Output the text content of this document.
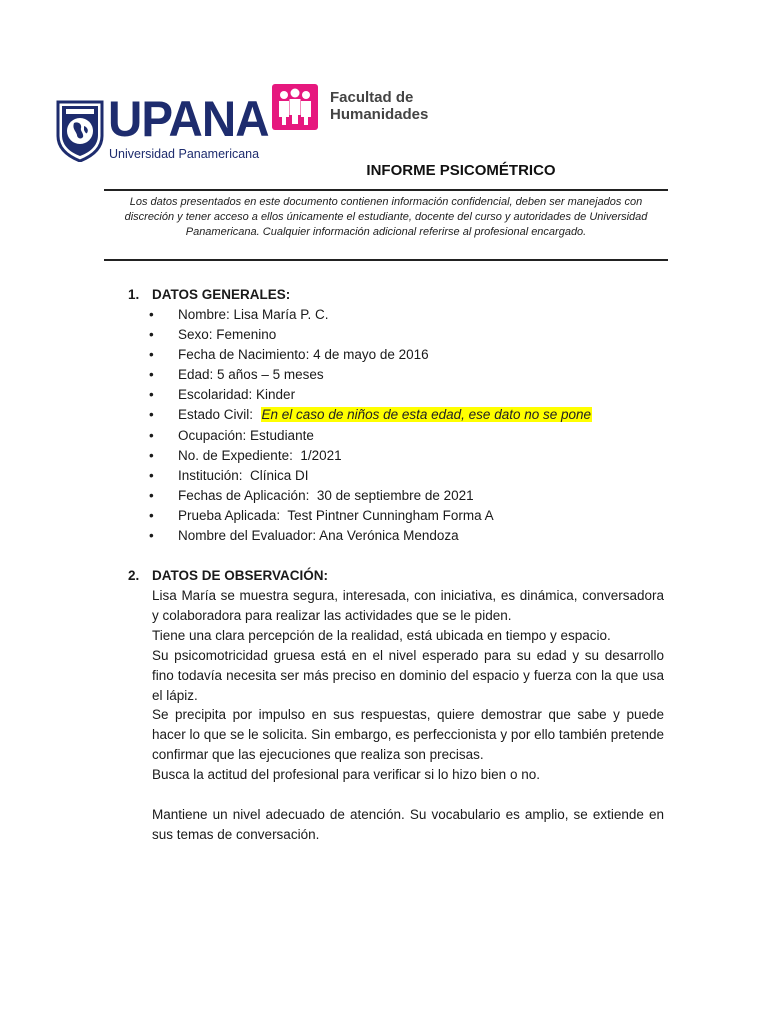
UPANA
Universidad Panamericana
Facultad de
Humanidades
INFORME PSICOMÉTRICO

Los datos presentados en este documento contienen información confidencial, deben ser manejados con discreción y tener acceso a ellos únicamente el estudiante, docente del curso y autoridades de Universidad Panamericana. Cualquier información adicional referirse al profesional encargado.

1. DATOS GENERALES:
• Nombre: Lisa María P. C.
• Sexo: Femenino
• Fecha de Nacimiento: 4 de mayo de 2016
• Edad: 5 años – 5 meses
• Escolaridad: Kinder
• Estado Civil:  En el caso de niños de esta edad, ese dato no se pone
• Ocupación: Estudiante
• No. de Expediente:  1/2021
• Institución:  Clínica DI
• Fechas de Aplicación:  30 de septiembre de 2021
• Prueba Aplicada:  Test Pintner Cunningham Forma A
• Nombre del Evaluador: Ana Verónica Mendoza
2. DATOS DE OBSERVACIÓN:

Lisa María se muestra segura, interesada, con iniciativa, es dinámica, conversadora y colaboradora para realizar las actividades que se le piden.

Tiene una clara percepción de la realidad, está ubicada en tiempo y espacio.

Su psicomotricidad gruesa está en el nivel esperado para su edad y su desarrollo fino todavía necesita ser más preciso en dominio del espacio y fuerza con la que usa el lápiz.

Se precipita por impulso en sus respuestas, quiere demostrar que sabe y puede hacer lo que se le solicita. Sin embargo, es perfeccionista y por ello también pretende confirmar que las ejecuciones que realiza son precisas.

Busca la actitud del profesional para verificar si lo hizo bien o no.

Mantiene un nivel adecuado de atención. Su vocabulario es amplio, se extiende en sus temas de conversación.
